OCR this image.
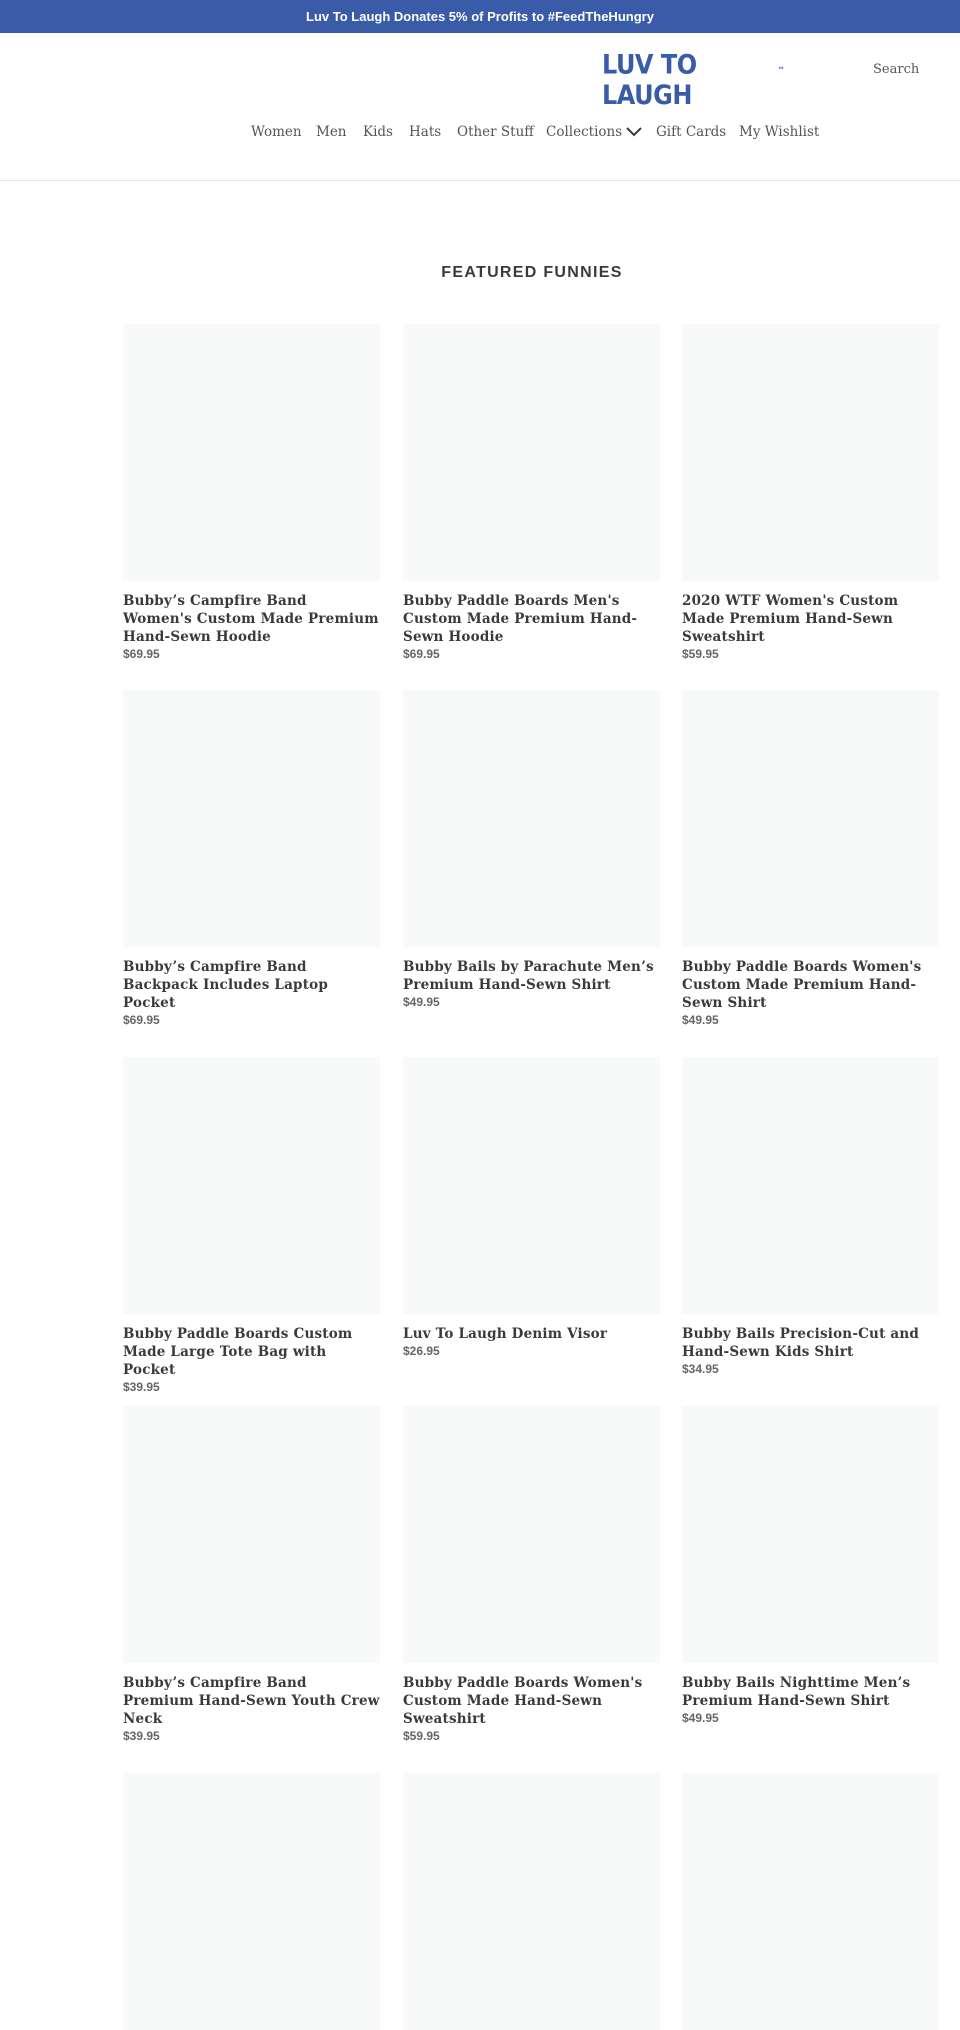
Luv To Laugh Donates 5% of Profits to #FeedTheHungry
LUV TO LAUGH
™	Search
Women Men Kids Hats Other Stuff Collections	Gift Cards My Wishlist
FEATURED FUNNIES
Bubby’s Campfire Band Women's Custom Made Premium Hand-Sewn Hoodie
$69.95
Bubby Paddle Boards Men's Custom Made Premium Hand-Sewn Hoodie
$69.95
2020 WTF Women's Custom Made Premium Hand-Sewn Sweatshirt
$59.95
Bubby’s Campfire Band Backpack Includes Laptop Pocket
$69.95
Bubby Bails by Parachute Men’s Premium Hand-Sewn Shirt
$49.95
Bubby Paddle Boards Women's Custom Made Premium Hand-Sewn Shirt
$49.95
Bubby Paddle Boards Custom Made Large Tote Bag with Pocket
$39.95
Luv To Laugh Denim Visor
$26.95
Bubby Bails Precision-Cut and Hand-Sewn Kids Shirt
$34.95
Bubby’s Campfire Band Premium Hand-Sewn Youth Crew Neck
$39.95
Bubby Paddle Boards Women's Custom Made Hand-Sewn Sweatshirt
$59.95
Bubby Bails Nighttime Men’s Premium Hand-Sewn Shirt
$49.95
